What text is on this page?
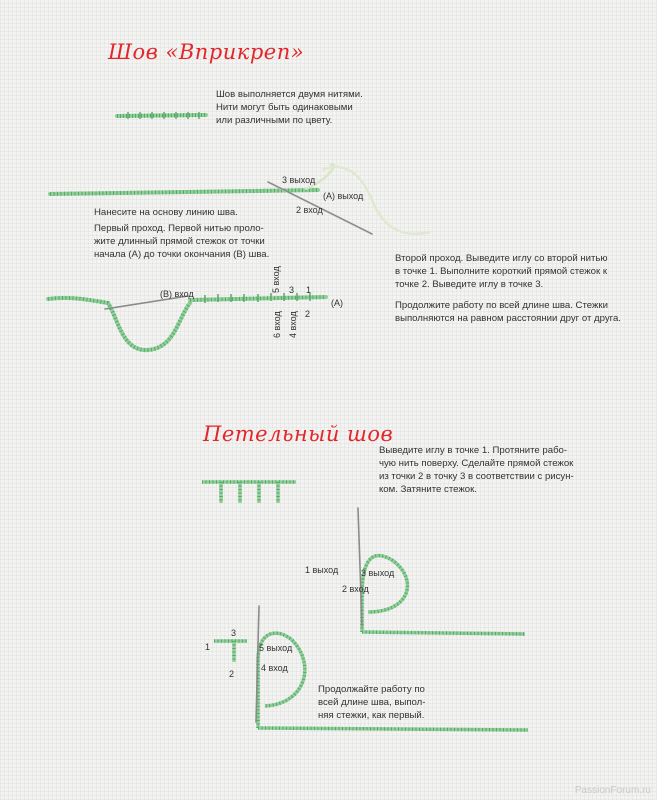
Шов «Вприкреп»
Петельный шов

Шов выполняется двумя нитями.

Нити могут быть одинаковыми

или различными по цвету.

Нанесите на основу линию шва.

Первый проход. Первой нитью проло-

жите длинный прямой стежок от точки

начала (А) до точки окончания (В) шва.	Второй проход. Выведите иглу со второй нитью

в точке 1. Выполните короткий прямой стежок к

точке 2. Выведите иглу в точке 3.

Продолжите работу по всей длине шва. Стежки

выполняются на равном расстоянии друг от друга.

3 выход
(А) выход
2 вход
(В) вход
5 вход 3 1
(А)
6 вход 4 вход 2

Выведите иглу в точке 1. Протяните рабо-

чую нить поверху. Сделайте прямой стежок

из точки 2 в точку 3 в соответствии с рисун-

ком. Затяните стежок.

Продолжайте работу по

всей длине шва, выпол-

няя стежки, как первый.

1 выход	3 выход
2 вход
3
1
2
5 выход
4 вход
PassionForum.ru
